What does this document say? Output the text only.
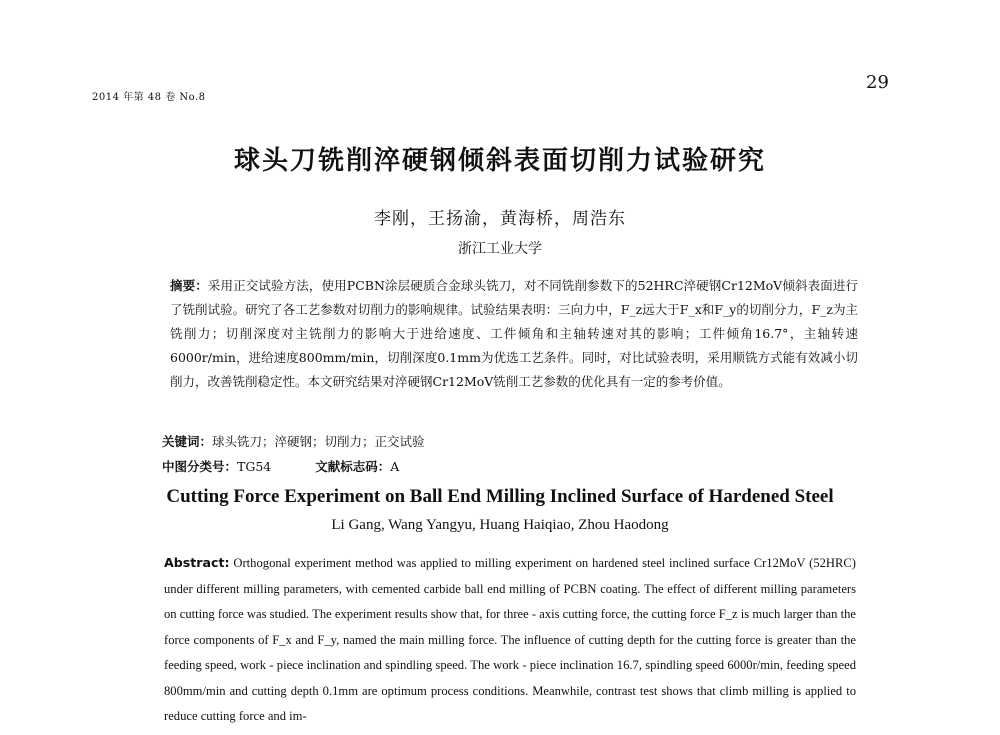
2014 年第 48 卷 No.8
29
球头刀铣削淬硬钢倾斜表面切削力试验研究
李刚，王扬渝，黄海桥，周浩东
浙江工业大学
摘要：采用正交试验方法，使用PCBN涂层硬质合金球头铣刀，对不同铣削参数下的52HRC淬硬钢Cr12MoV倾斜表面进行了铣削试验。研究了各工艺参数对切削力的影响规律。试验结果表明：三向力中，F_z远大于F_x和F_y的切削分力，F_z为主铣削力；切削深度对主铣削力的影响大于进给速度、工件倾角和主轴转速对其的影响；工件倾角16.7°，主轴转速6000r/min，进给速度800mm/min，切削深度0.1mm为优选工艺条件。同时，对比试验表明，采用顺铣方式能有效减小切削力，改善铣削稳定性。本文研究结果对淬硬钢Cr12MoV铣削工艺参数的优化具有一定的参考价值。
关键词：球头铣刀；淬硬钢；切削力；正交试验
中图分类号：TG54	文献标志码：A
Cutting Force Experiment on Ball End Milling Inclined Surface of Hardened Steel
Li Gang, Wang Yangyu, Huang Haiqiao, Zhou Haodong
Abstract: Orthogonal experiment method was applied to milling experiment on hardened steel inclined surface Cr12MoV (52HRC) under different milling parameters, with cemented carbide ball end milling of PCBN coating. The effect of different milling parameters on cutting force was studied. The experiment results show that, for three - axis cutting force, the cutting force F_z is much larger than the force components of F_x and F_y, named the main milling force. The influence of cutting depth for the cutting force is greater than the feeding speed, work - piece inclination and spindling speed. The work - piece inclination 16.7, spindling speed 6000r/min, feeding speed 800mm/min and cutting depth 0.1mm are optimum process conditions. Meanwhile, contrast test shows that climb milling is applied to reduce cutting force and im-
